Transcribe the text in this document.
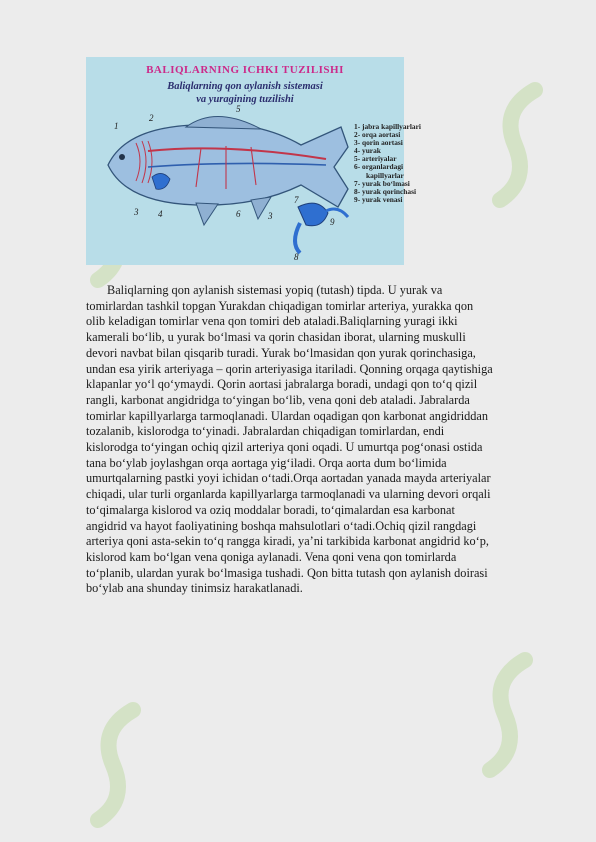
1
2
5
3 4	6
7
3
9
8
BALIQLARNING ICHKI TUZILISHI
Baliqlarning qon aylanish sistemasi
va yuragining tuzilishi
1- jabra kapillyarlari
2- orqa aortasi
3- qorin aortasi
4- yurak
5- arteriyalar
6- organlardagi
kapillyarlar
7- yurak bo‘lmasi
8- yurak qorinchasi
9- yurak venasi

Baliqlarning qon aylanish sistemasi yopiq (tutash) tipda. U yurak va
tomirlardan tashkil topgan Yurakdan chiqadigan tomirlar arteriya, yurakka qon
olib keladigan tomirlar vena qon tomiri deb ataladi.Baliqlarning yuragi ikki
kamerali bo‘lib, u yurak bo‘lmasi va qorin chasidan iborat, ularning muskulli
devori navbat bilan qisqarib turadi. Yurak bo‘lmasidan qon yurak qorinchasiga,
undan esa yirik arteriyaga – qorin arteriyasiga itariladi. Qonning orqaga qaytishiga
klapanlar yo‘l qo‘ymaydi. Qorin aortasi jabralarga boradi, undagi qon to‘q qizil
rangli, karbonat angidridga to‘yingan bo‘lib, vena qoni deb ataladi. Jabralarda
tomirlar kapillyarlarga tarmoqlanadi. Ulardan oqadigan qon karbonat angidriddan
tozalanib, kislorodga to‘yinadi. Jabralardan chiqadigan tomirlardan, endi
kislorodga to‘yingan ochiq qizil arteriya qoni oqadi. U umurtqa pog‘onasi ostida
tana bo‘ylab joylashgan orqa aortaga yig‘iladi. Orqa aorta dum bo‘limida
umurtqalarning pastki yoyi ichidan o‘tadi.Orqa aortadan yanada mayda arteriyalar
chiqadi, ular turli organlarda kapillyarlarga tarmoqlanadi va ularning devori orqali
to‘qimalarga kislorod va oziq moddalar boradi, to‘qimalardan esa karbonat
angidrid va hayot faoliyatining boshqa mahsulotlari o‘tadi.Ochiq qizil rangdagi
arteriya qoni asta-sekin to‘q rangga kiradi, ya’ni tarkibida karbonat angidrid ko‘p,
kislorod kam bo‘lgan vena qoniga aylanadi. Vena qoni vena qon tomirlarda
to‘planib, ulardan yurak bo‘lmasiga tushadi. Qon bitta tutash qon aylanish doirasi
bo‘ylab ana shunday tinimsiz harakatlanadi.
